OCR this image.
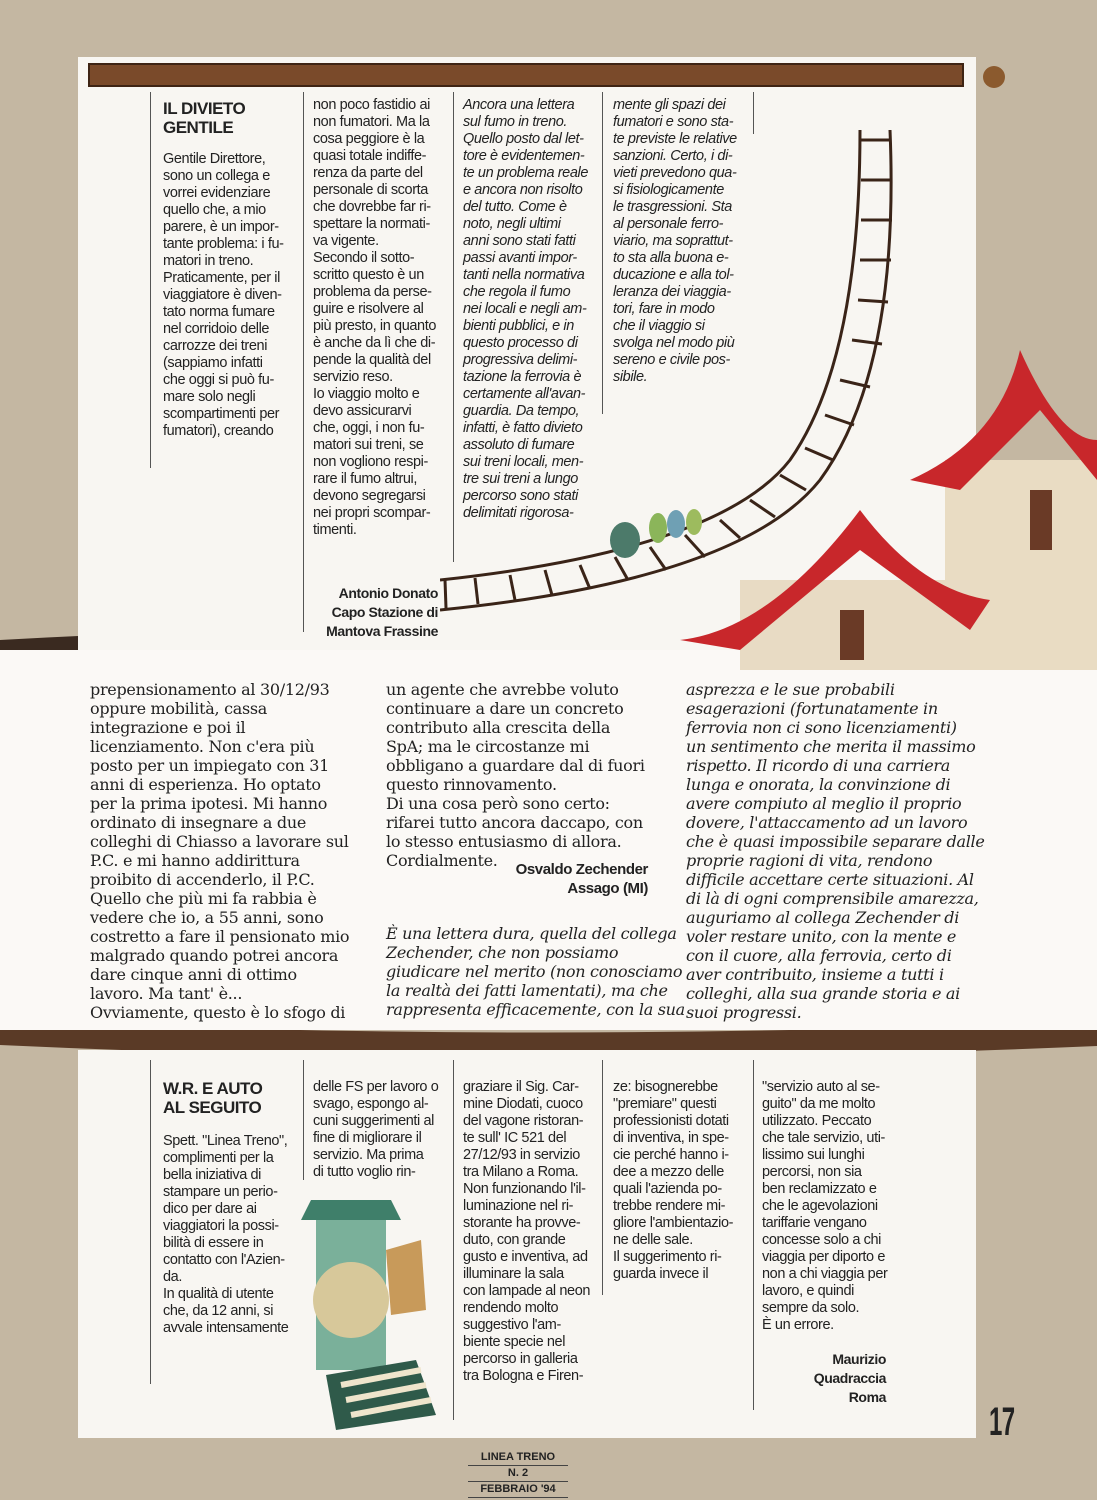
IL DIVIETO
GENTILE
Gentile Direttore,
sono un collega e
vorrei evidenziare
quello che, a mio
parere, è un impor-
tante problema: i fu-
matori in treno.
Praticamente, per il
viaggiatore è diven-
tato norma fumare
nel corridoio delle
carrozze dei treni
(sappiamo infatti
che oggi si può fu-
mare solo negli
scompartimenti per
fumatori), creando
non poco fastidio ai
non fumatori. Ma la
cosa peggiore è la
quasi totale indiffe-
renza da parte del
personale di scorta
che dovrebbe far ri-
spettare la normati-
va vigente.
Secondo il sotto-
scritto questo è un
problema da perse-
guire e risolvere al
più presto, in quanto
è anche da lì che di-
pende la qualità del
servizio reso.
Io viaggio molto e
devo assicurarvi
che, oggi, i non fu-
matori sui treni, se
non vogliono respi-
rare il fumo altrui,
devono segregarsi
nei propri scompar-
timenti.
Antonio Donato
Capo Stazione di
Mantova Frassine
Ancora una lettera
sul fumo in treno.
Quello posto dal let-
tore è evidentemen-
te un problema reale
e ancora non risolto
del tutto. Come è
noto, negli ultimi
anni sono stati fatti
passi avanti impor-
tanti nella normativa
che regola il fumo
nei locali e negli am-
bienti pubblici, e in
questo processo di
progressiva delimi-
tazione la ferrovia è
certamente all'avan-
guardia. Da tempo,
infatti, è fatto divieto
assoluto di fumare
sui treni locali, men-
tre sui treni a lungo
percorso sono stati
delimitati rigorosa-
mente gli spazi dei
fumatori e sono sta-
te previste le relative
sanzioni. Certo, i di-
vieti prevedono qua-
si fisiologicamente
le trasgressioni. Sta
al personale ferro-
viario, ma soprattut-
to sta alla buona e-
ducazione e alla tol-
leranza dei viaggia-
tori, fare in modo
che il viaggio si
svolga nel modo più
sereno e civile pos-
sibile.
prepensionamento al 30/12/93
oppure mobilità, cassa
integrazione e poi il
licenziamento. Non c'era più
posto per un impiegato con 31
anni di esperienza. Ho optato
per la prima ipotesi. Mi hanno
ordinato di insegnare a due
colleghi di Chiasso a lavorare sul
P.C. e mi hanno addirittura
proibito di accenderlo, il P.C.
Quello che più mi fa rabbia è
vedere che io, a 55 anni, sono
costretto a fare il pensionato mio
malgrado quando potrei ancora
dare cinque anni di ottimo
lavoro. Ma tant' è...
Ovviamente, questo è lo sfogo di
un agente che avrebbe voluto
continuare a dare un concreto
contributo alla crescita della
SpA; ma le circostanze mi
obbligano a guardare dal di fuori
questo rinnovamento.
Di una cosa però sono certo:
rifarei tutto ancora daccapo, con
lo stesso entusiasmo di allora.
Cordialmente.	Osvaldo Zechender
Assago (MI)
È una lettera dura, quella del collega
Zechender, che non possiamo
giudicare nel merito (non conosciamo
la realtà dei fatti lamentati), ma che
rappresenta efficacemente, con la sua
asprezza e le sue probabili
esagerazioni (fortunatamente in
ferrovia non ci sono licenziamenti)
un sentimento che merita il massimo
rispetto. Il ricordo di una carriera
lunga e onorata, la convinzione di
avere compiuto al meglio il proprio
dovere, l'attaccamento ad un lavoro
che è quasi impossibile separare dalle
proprie ragioni di vita, rendono
difficile accettare certe situazioni. Al
di là di ogni comprensibile amarezza,
auguriamo al collega Zechender di
voler restare unito, con la mente e
con il cuore, alla ferrovia, certo di
aver contribuito, insieme a tutti i
colleghi, alla sua grande storia e ai
suoi progressi.
W.R. E AUTO
AL SEGUITO
Spett. "Linea Treno",
complimenti per la
bella iniziativa di
stampare un perio-
dico per dare ai
viaggiatori la possi-
bilità di essere in
contatto con l'Azien-
da.
In qualità di utente
che, da 12 anni, si
avvale intensamente
delle FS per lavoro o
svago, espongo al-
cuni suggerimenti al
fine di migliorare il
servizio. Ma prima
di tutto voglio rin-
graziare il Sig. Car-
mine Diodati, cuoco
del vagone ristoran-
te sull' IC 521 del
27/12/93 in servizio
tra Milano a Roma.
Non funzionando l'il-
luminazione nel ri-
storante ha provve-
duto, con grande
gusto e inventiva, ad
illuminare la sala
con lampade al neon
rendendo molto
suggestivo l'am-
biente specie nel
percorso in galleria
tra Bologna e Firen-
ze: bisognerebbe
"premiare" questi
professionisti dotati
di inventiva, in spe-
cie perché hanno i-
dee a mezzo delle
quali l'azienda po-
trebbe rendere mi-
gliore l'ambientazio-
ne delle sale.
Il suggerimento ri-
guarda invece il
"servizio auto al se-
guito" da me molto
utilizzato. Peccato
che tale servizio, uti-
lissimo sui lunghi
percorsi, non sia
ben reclamizzato e
che le agevolazioni
tariffarie vengano
concesse solo a chi
viaggia per diporto e
non a chi viaggia per
lavoro, e quindi
sempre da solo.
È un errore.
Maurizio
Quadraccia
Roma
17
LINEA TRENO
N. 2
FEBBRAIO '94
